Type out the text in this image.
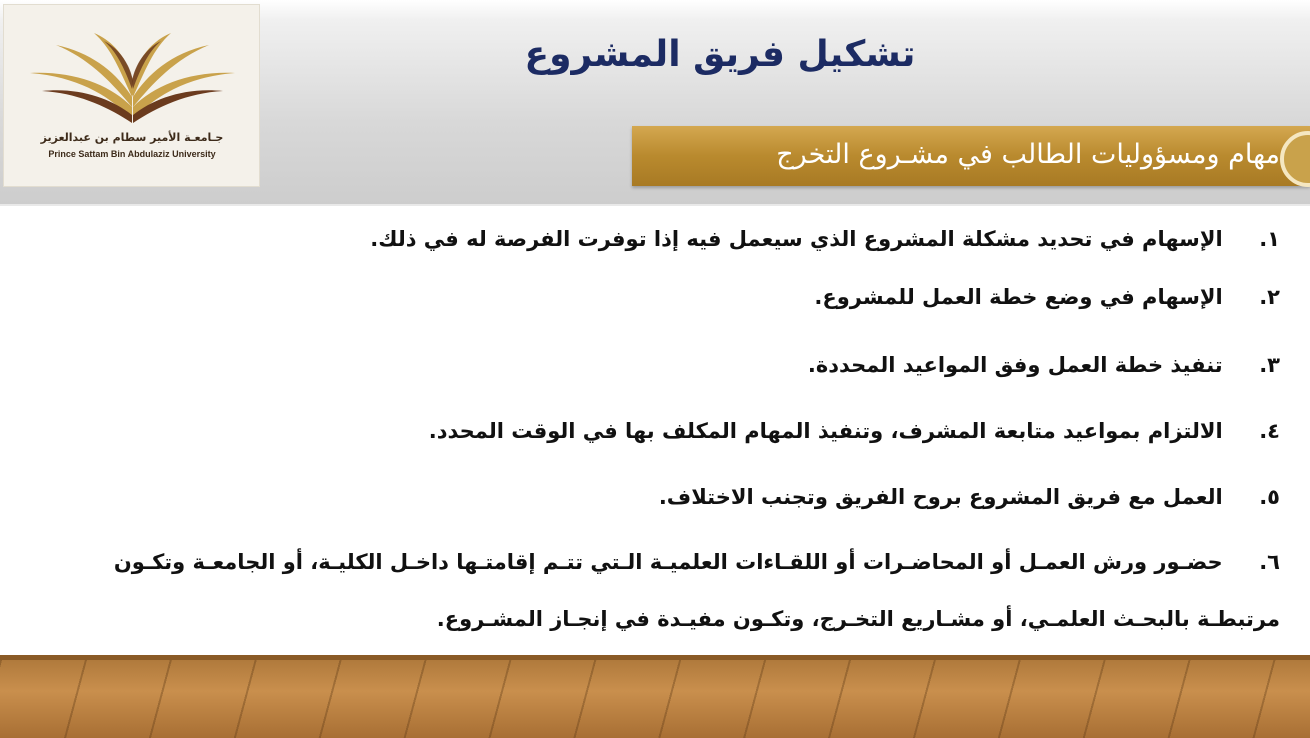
جـامعـة الأمير سطام بن عبدالعزيز
Prince Sattam Bin Abdulaziz University
تشكيل فريق المشروع
مهام ومسؤوليات الطالب في مشـروع التخرج
١. الإسهام في تحديد مشكلة المشروع الذي سيعمل فيه إذا توفرت الفرصة له في ذلك.
٢. الإسهام في وضع خطة العمل للمشروع.
٣. تنفيذ خطة العمل وفق المواعيد المحددة.
٤. الالتزام بمواعيد متابعة المشرف، وتنفيذ المهام المكلف بها في الوقت المحدد.
٥. العمل مع فريق المشروع بروح الفريق وتجنب الاختلاف.
٦. حضـور ورش العمـل أو المحاضـرات أو اللقـاءات العلميـة الـتي تتـم إقامتـها داخـل الكليـة، أو الجامعـة وتكـون مرتبطـة بالبحـث العلمـي، أو مشـاريع التخـرج، وتكـون مفيـدة في إنجـاز المشـروع.
